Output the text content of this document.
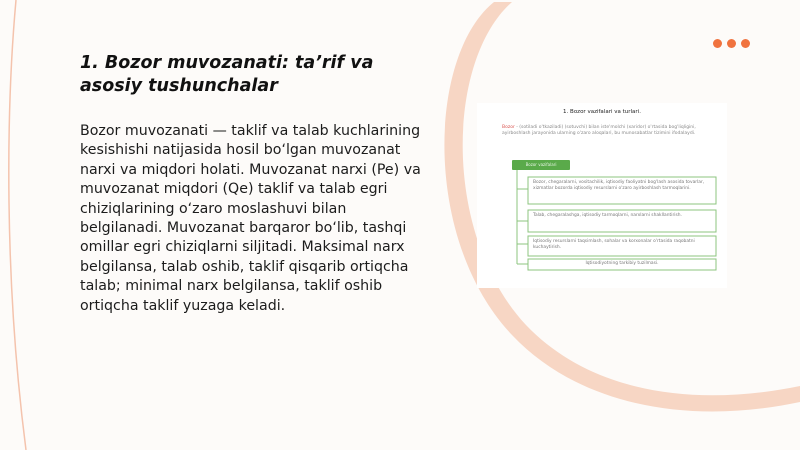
1. Bozor muvozanati: ta’rif va asosiy tushunchalar

Bozor muvozanati — taklif va talab kuchlarining kesishishi natijasida hosil bo‘lgan muvozanat narxi va miqdori holati. Muvozanat narxi (Pe) va muvozanat miqdori (Qe) taklif va talab egri chiziqlarining o‘zaro moslashuvi bilan belgilanadi. Muvozanat barqaror bo‘lib, tashqi omillar egri chiziqlarni siljitadi. Maksimal narx belgilansa, talab oshib, taklif qisqarib ortiqcha talab; minimal narx belgilansa, taklif oshib ortiqcha taklif yuzaga keladi.

1. Bozor vazifalari va turlari.
Bozor - (sotiladi o'tkaziladi) (sotuvchi) bilan iste'molchi (xaridor) o'rtasida bog'liqligini, ayirboshlash jarayonida ularning o'zaro aloqalari, bu munosabatlar tizimini ifodalaydi.
Bozor vazifalari
Bozor, chegaralarni, vositachilik, iqtisodiy faoliyatni bog'lash asosida tovarlar, xizmatlar bozorda iqtisodiy resurslarni o'zaro ayirboshlash tarmoqlarini.
Talab, chegaralashga, iqtisodiy tarmoqlarni, narxlarni shakllantirish.
Iqtisodiy resurslarni taqsimlash, sohalar va korxonalar o'rtasida raqobatni kuchaytirish.
Iqtisodiyotning tarkibiy tuzilmasi.
